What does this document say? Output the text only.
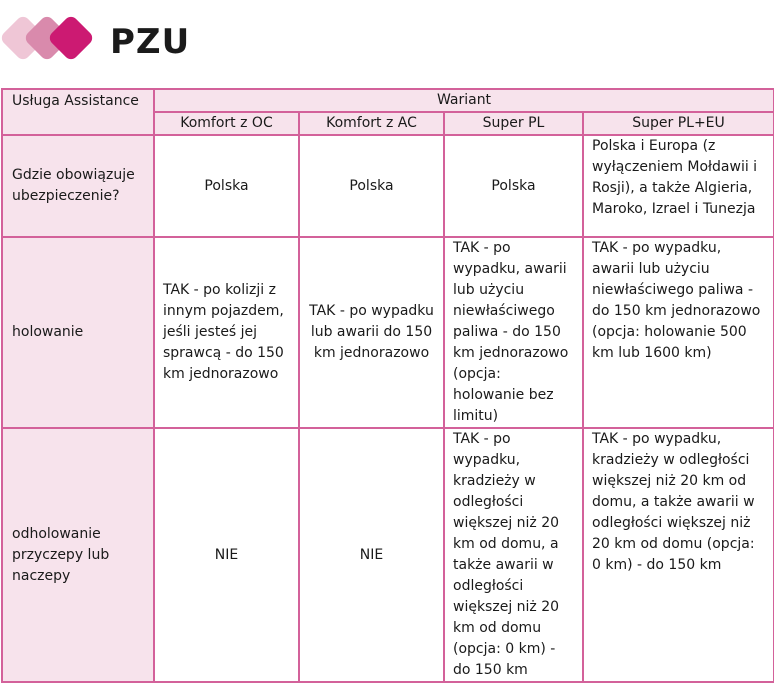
PZU
Usługa Assistance	Wariant			
	Komfort z OC	Komfort z AC	Super PL	Super PL+EU
Gdzie obowiązuje ubezpieczenie?	Polska	Polska	Polska	Polska i Europa (z wyłączeniem Mołdawii i Rosji), a także Algieria, Maroko, Izrael i Tunezja
holowanie	TAK - po kolizji z innym pojazdem, jeśli jesteś jej sprawcą - do 150 km jednorazowo	TAK - po wypadku lub awarii do 150 km jednorazowo	TAK - po wypadku, awarii lub użyciu niewłaściwego paliwa - do 150 km jednorazowo (opcja: holowanie bez limitu)	TAK - po wypadku, awarii lub użyciu niewłaściwego paliwa - do 150 km jednorazowo (opcja: holowanie 500 km lub 1600 km)
odholowanie przyczepy lub naczepy	NIE	NIE	TAK - po wypadku, kradzieży w odległości większej niż 20 km od domu, a także awarii w odległości większej niż 20 km od domu (opcja: 0 km) - do 150 km	TAK - po wypadku, kradzieży w odległości większej niż 20 km od domu, a także awarii w odległości większej niż 20 km od domu (opcja: 0 km) - do 150 km
